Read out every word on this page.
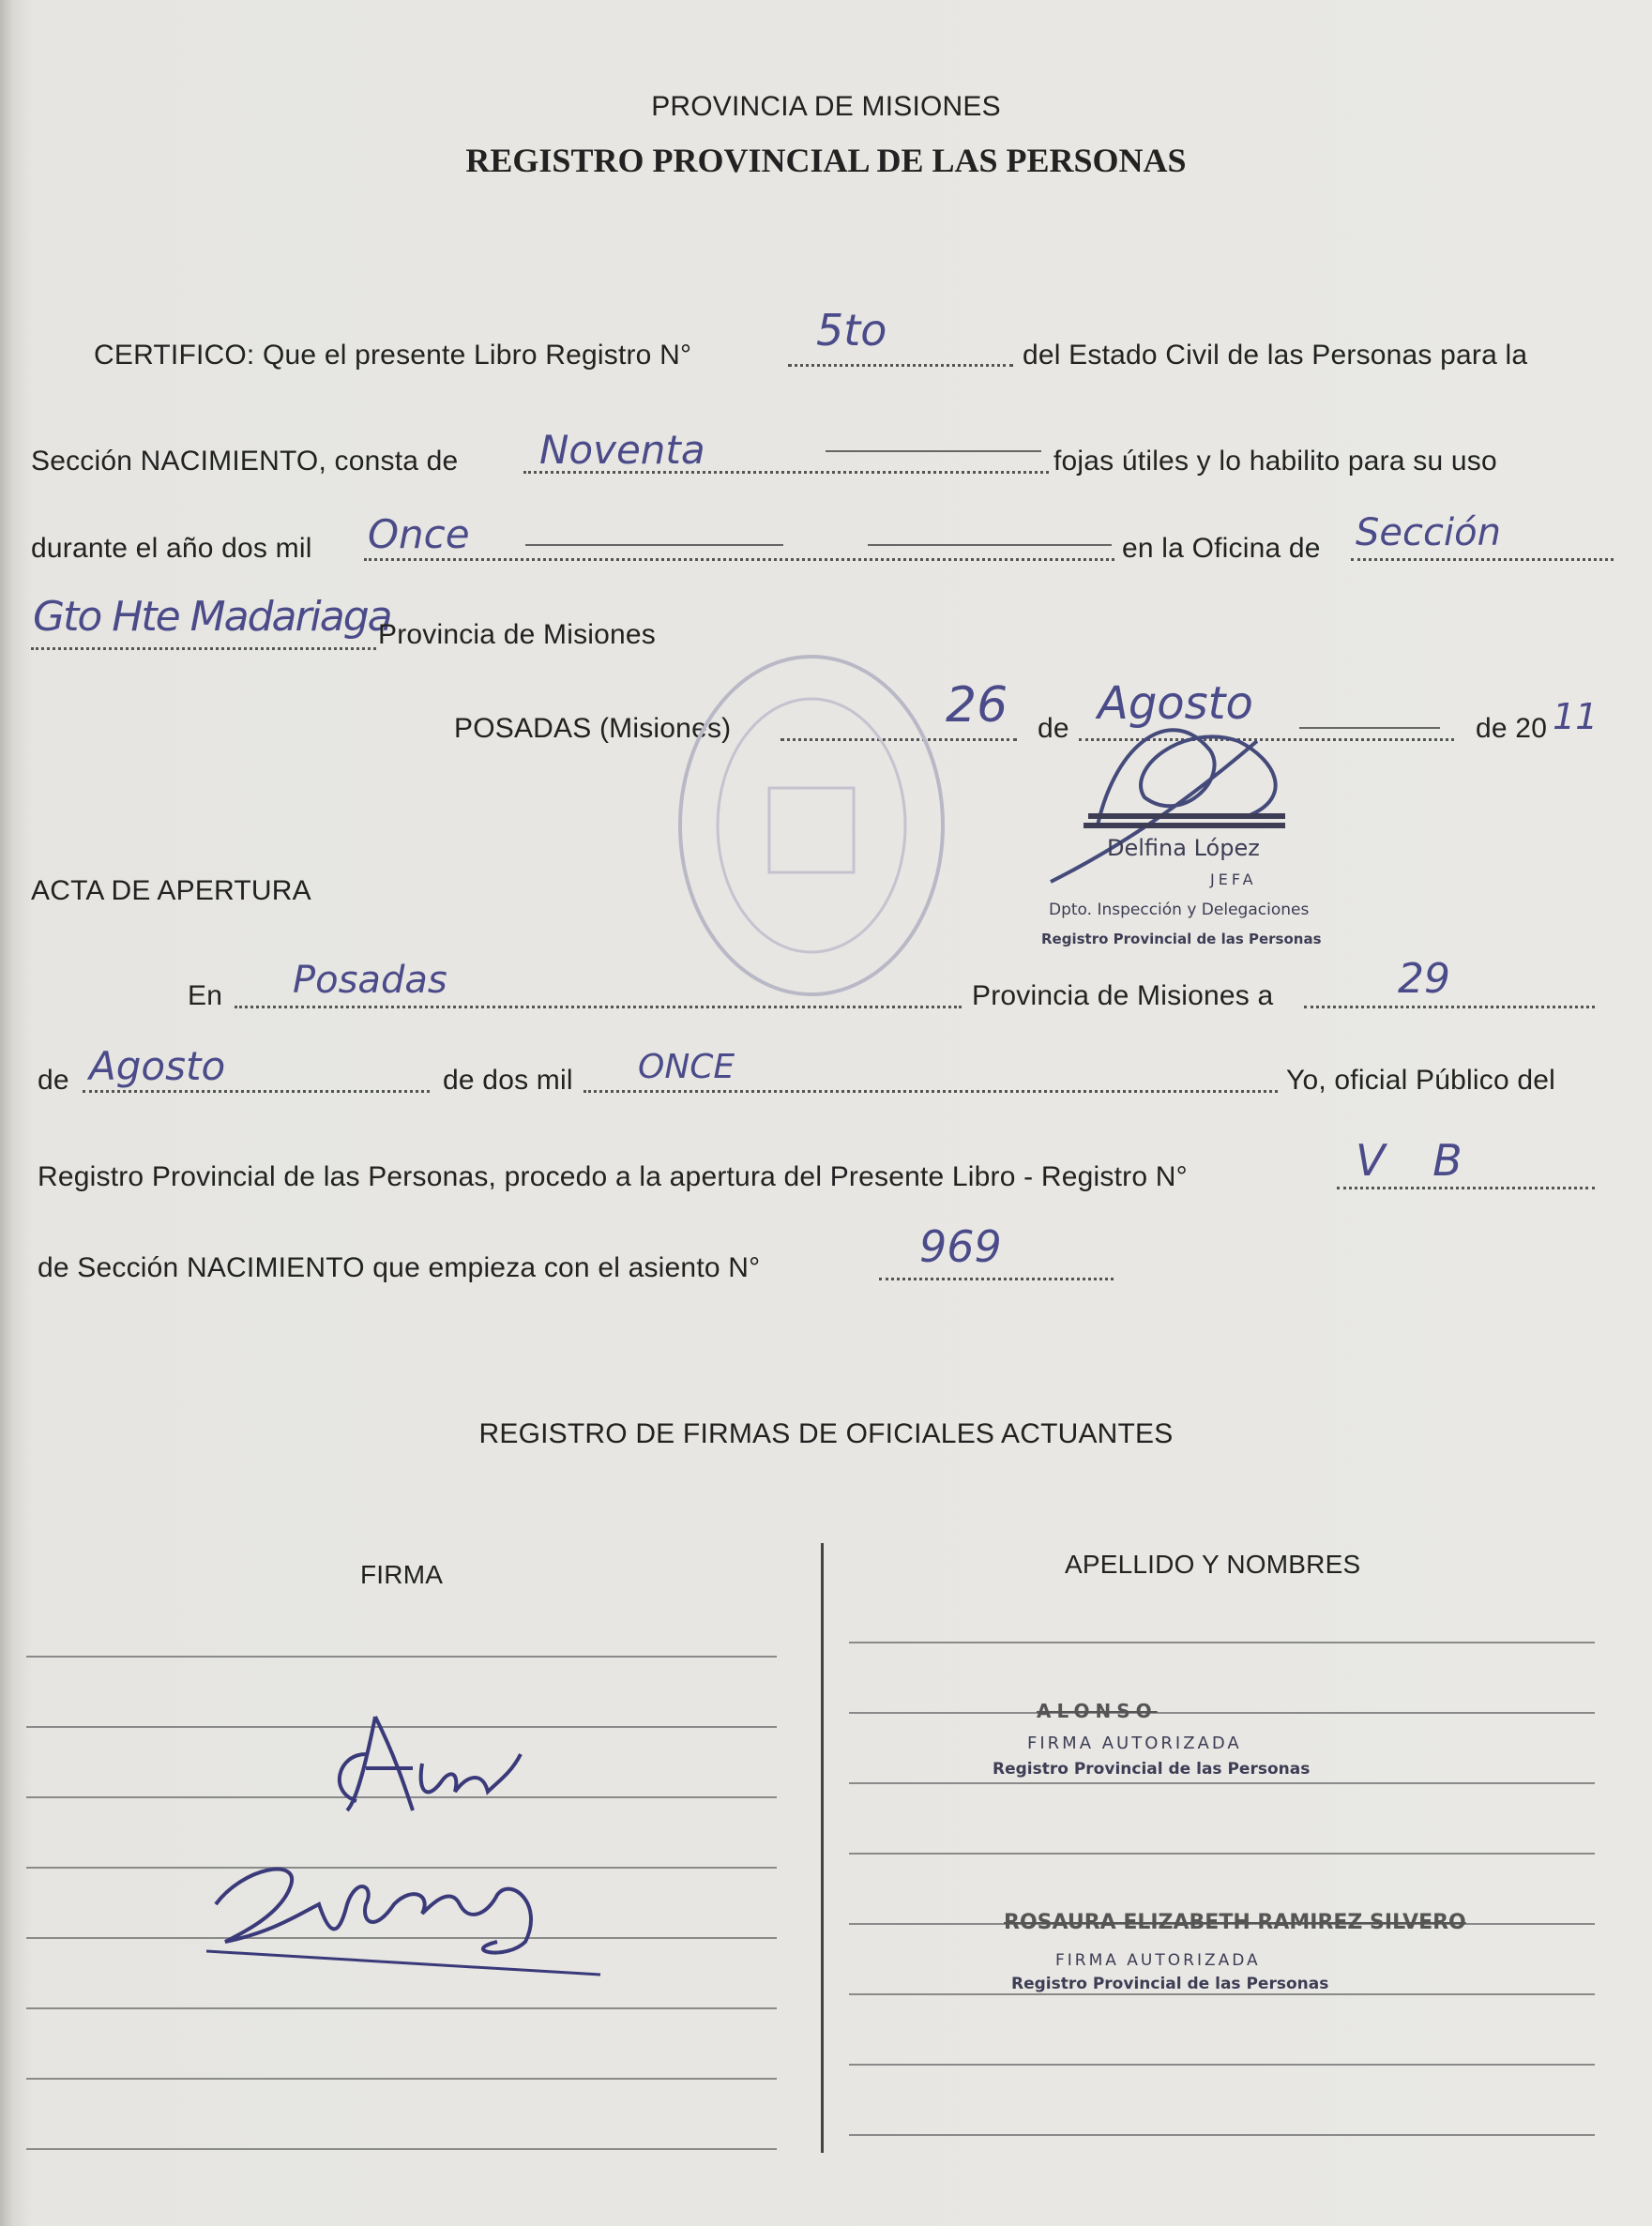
PROVINCIA DE MISIONES
REGISTRO PROVINCIAL DE LAS PERSONAS
CERTIFICO: Que el presente Libro Registro N°	5to	del Estado Civil de las Personas para la
Sección NACIMIENTO, consta de Noventa	fojas útiles y lo habilito para su uso
durante el año dos mil Once	en la Oficina de Sección
Gto Hte Madariaga
Provincia de Misiones
POSADAS (Misiones)	26 de Agosto	de 20 11
Delfina López
JEFA
Dpto. Inspección y Delegaciones
Registro Provincial de las Personas
ACTA DE APERTURA
En Posadas	Provincia de Misiones a	29
de Agosto	de dos mil ONCE	Yo, oficial Público del
Registro Provincial de las Personas, procedo a la apertura del Presente Libro - Registro N°	V B
de Sección NACIMIENTO que empieza con el asiento N°	969
REGISTRO DE FIRMAS DE OFICIALES ACTUANTES
FIRMA	APELLIDO Y NOMBRES
ALONSO
FIRMA AUTORIZADA
Registro Provincial de las Personas
ROSAURA ELIZABETH RAMIREZ SILVERO
FIRMA AUTORIZADA
Registro Provincial de las Personas
